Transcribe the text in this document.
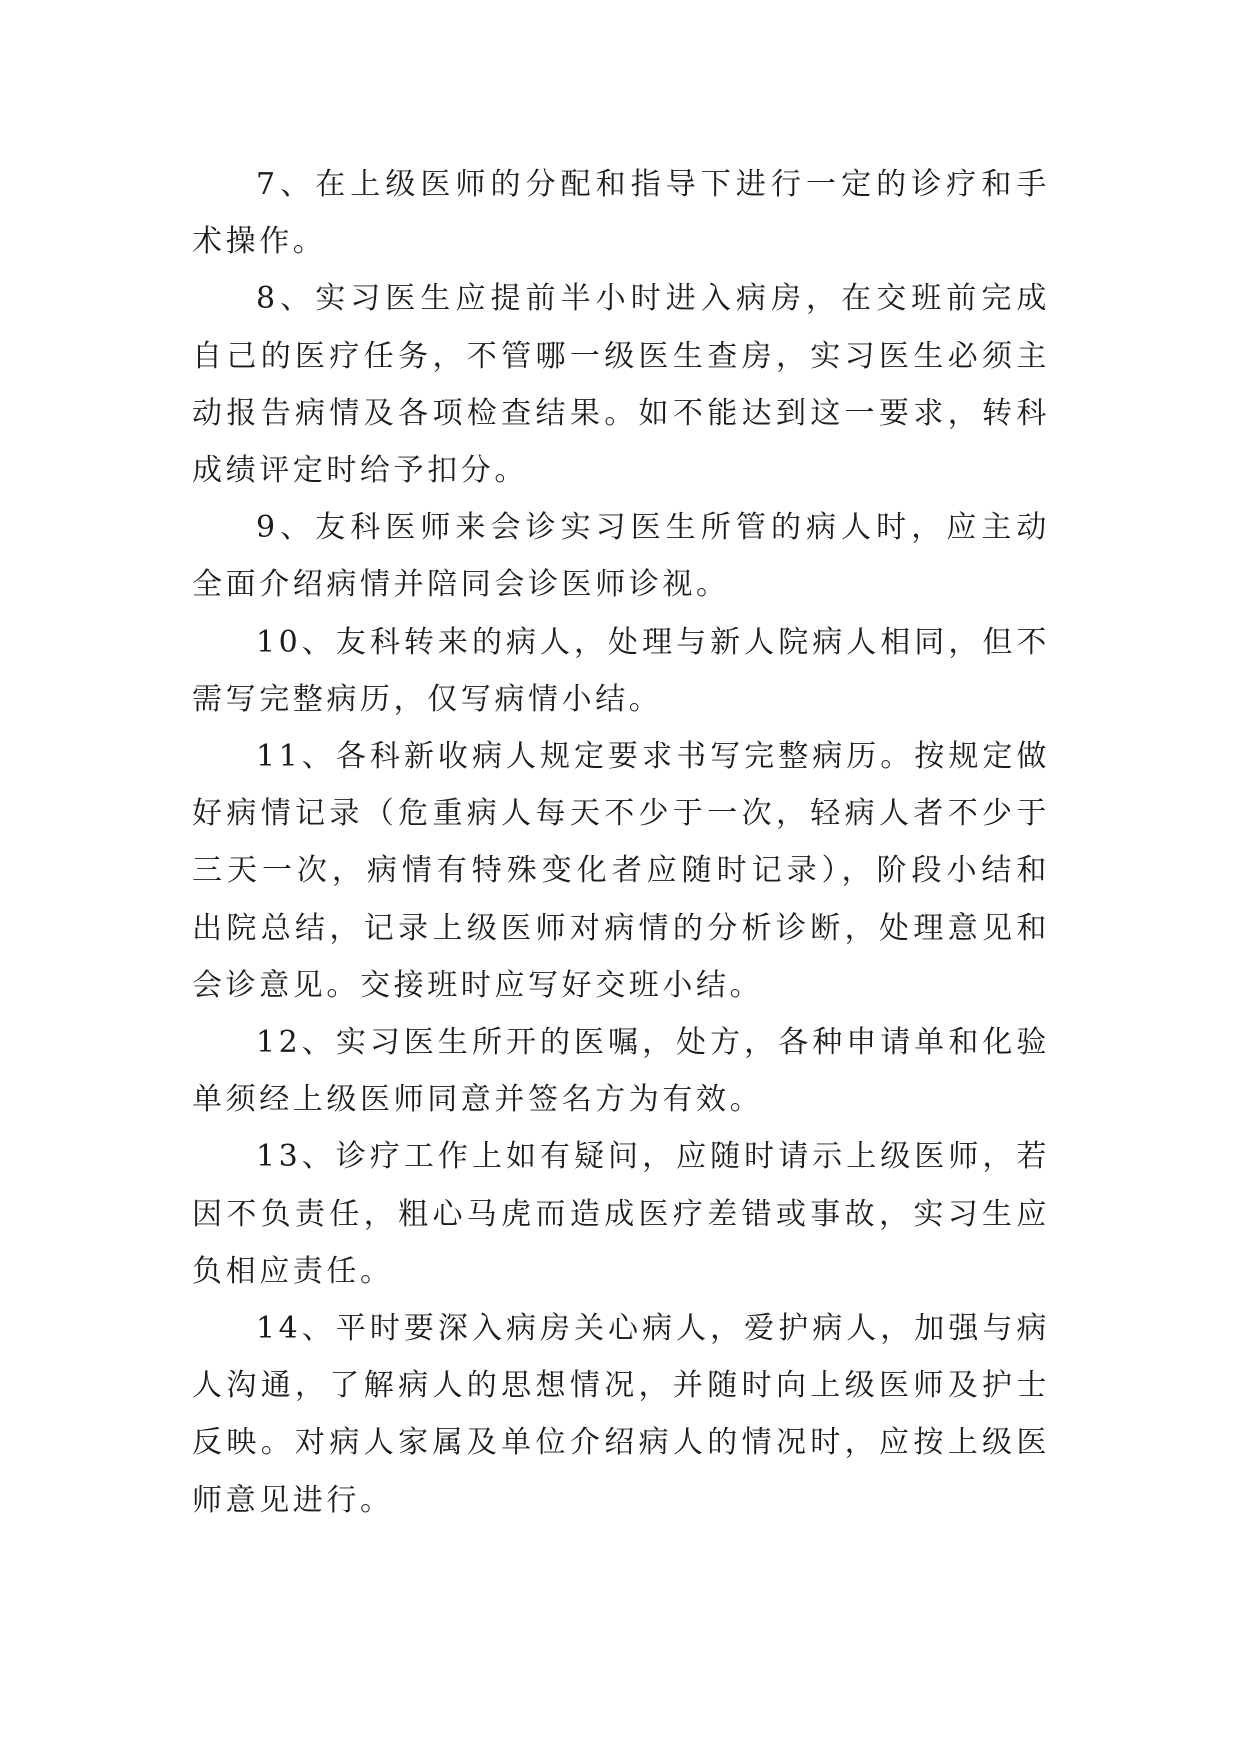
7、在上级医师的分配和指导下进行一定的诊疗和手术操作。

8、实习医生应提前半小时进入病房，在交班前完成自己的医疗任务，不管哪一级医生查房，实习医生必须主动报告病情及各项检查结果。如不能达到这一要求，转科成绩评定时给予扣分。

9、友科医师来会诊实习医生所管的病人时，应主动全面介绍病情并陪同会诊医师诊视。

10、友科转来的病人，处理与新人院病人相同，但不需写完整病历，仅写病情小结。

11、各科新收病人规定要求书写完整病历。按规定做好病情记录（危重病人每天不少于一次，轻病人者不少于三天一次，病情有特殊变化者应随时记录），阶段小结和出院总结，记录上级医师对病情的分析诊断，处理意见和会诊意见。交接班时应写好交班小结。

12、实习医生所开的医嘱，处方，各种申请单和化验单须经上级医师同意并签名方为有效。

13、诊疗工作上如有疑问，应随时请示上级医师，若因不负责任，粗心马虎而造成医疗差错或事故，实习生应负相应责任。

14、平时要深入病房关心病人，爱护病人，加强与病人沟通，了解病人的思想情况，并随时向上级医师及护士反映。对病人家属及单位介绍病人的情况时，应按上级医师意见进行。
